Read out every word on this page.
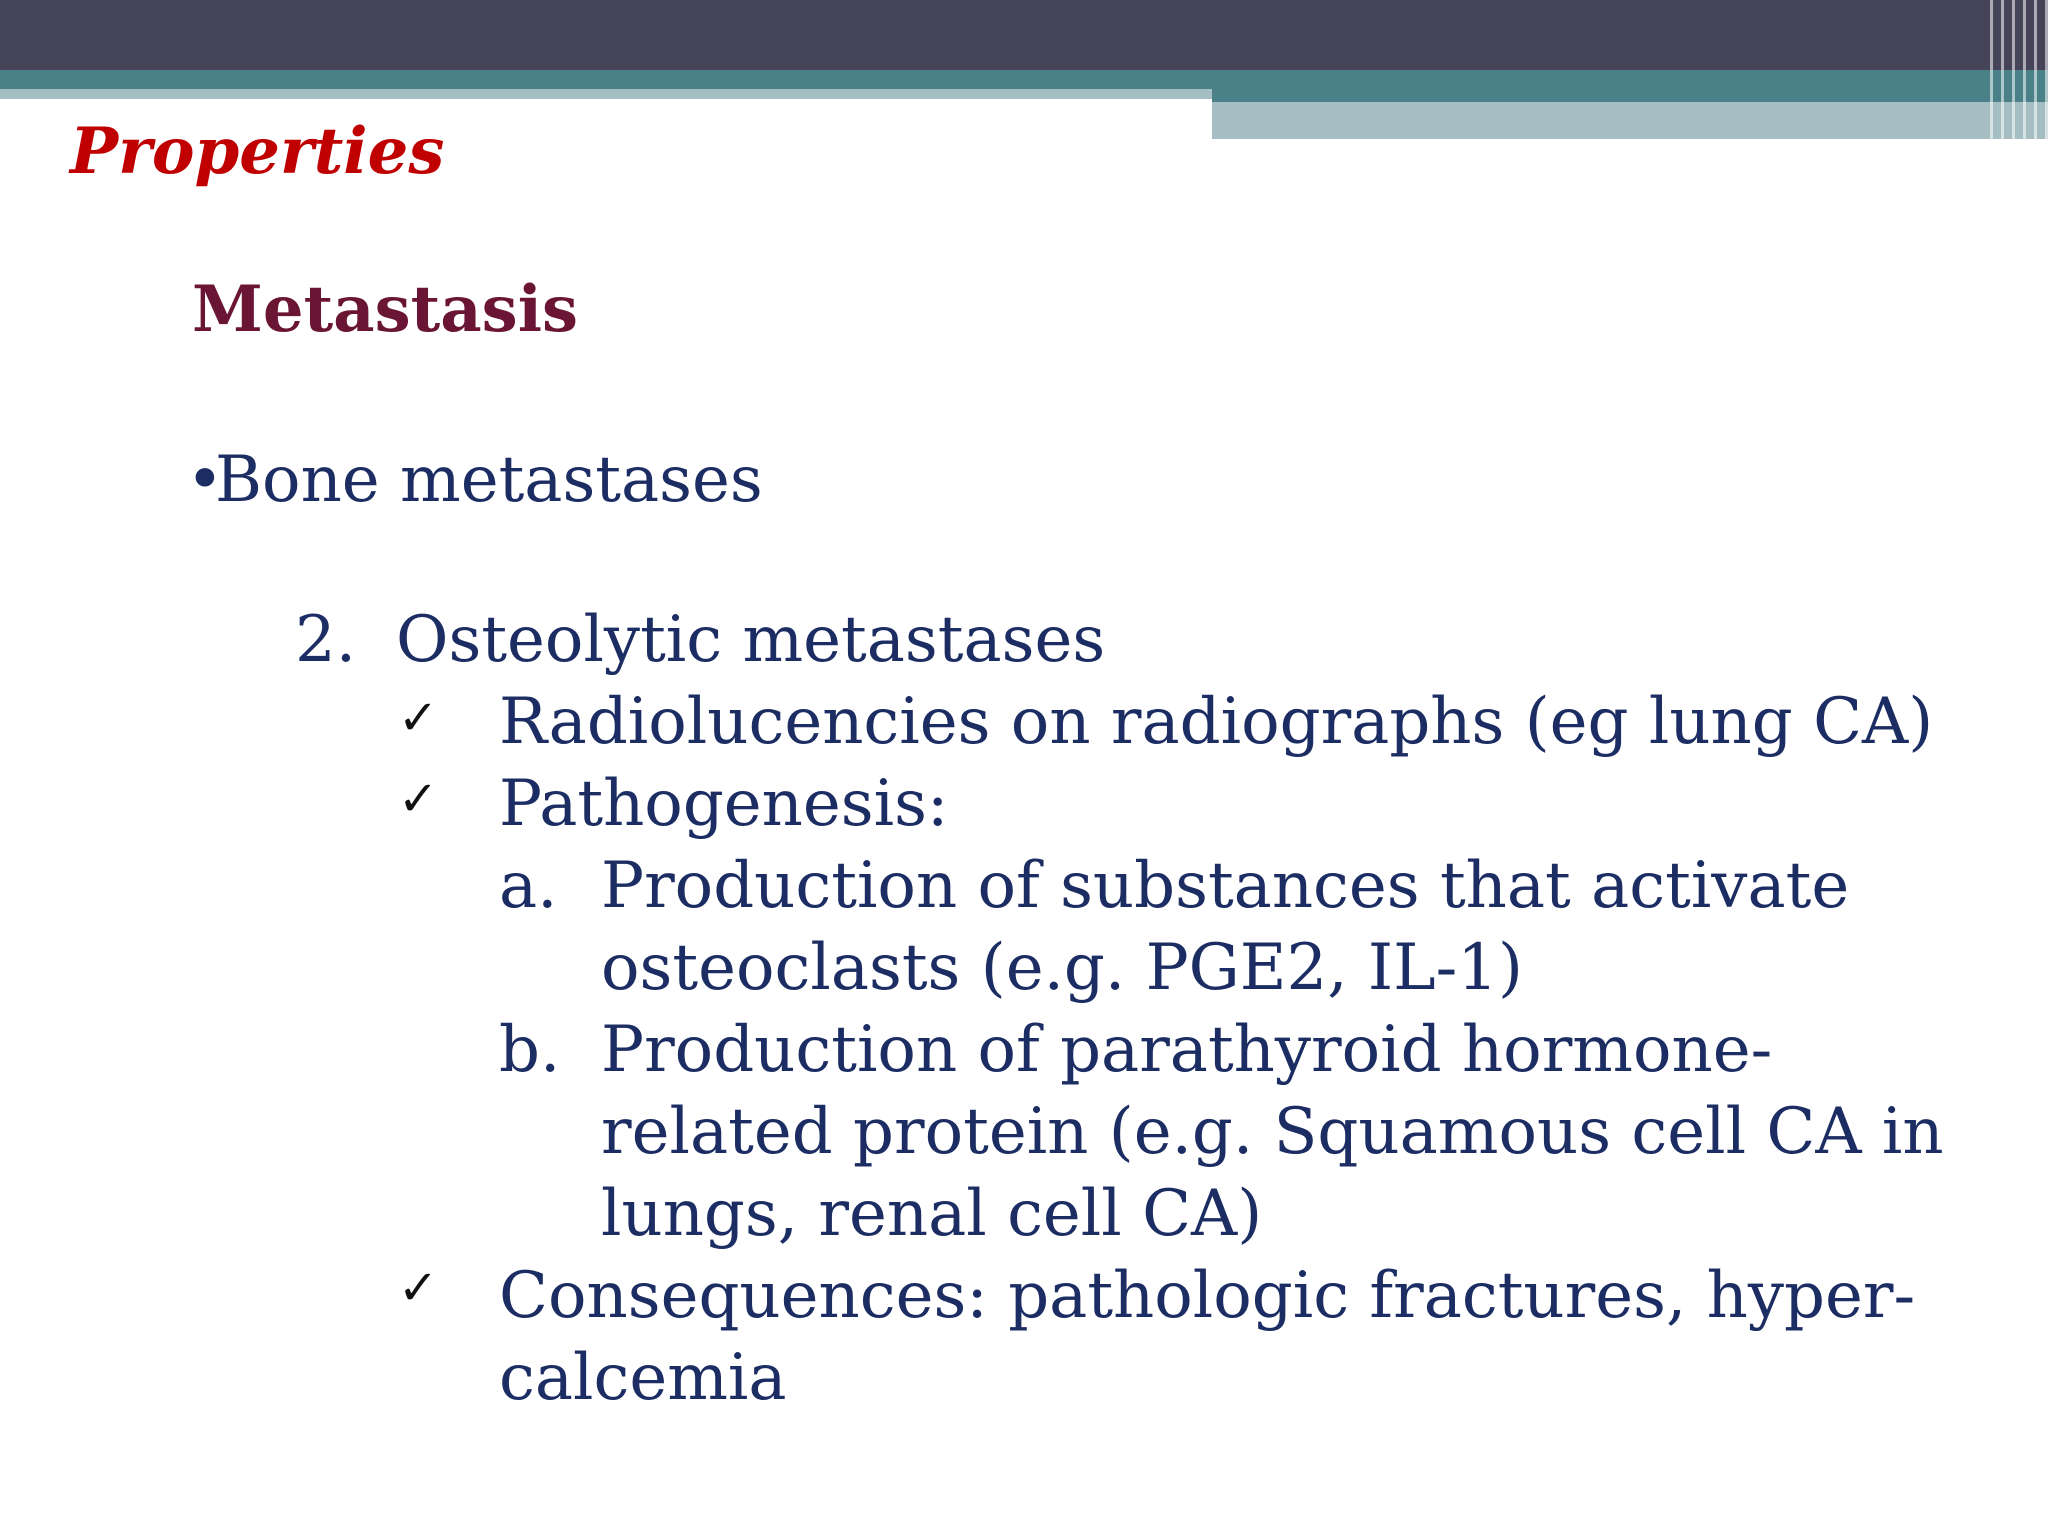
Properties
Metastasis
•
Bone metastases
2. Osteolytic metastases
✓ Radiolucencies on radiographs (eg lung CA)
✓ Pathogenesis:
a. Production of substances that activate
osteoclasts (e.g. PGE2, IL-1)
b. Production of parathyroid hormone-
related protein (e.g. Squamous cell CA in
lungs, renal cell CA)
✓ Consequences: pathologic fractures, hyper-
calcemia
